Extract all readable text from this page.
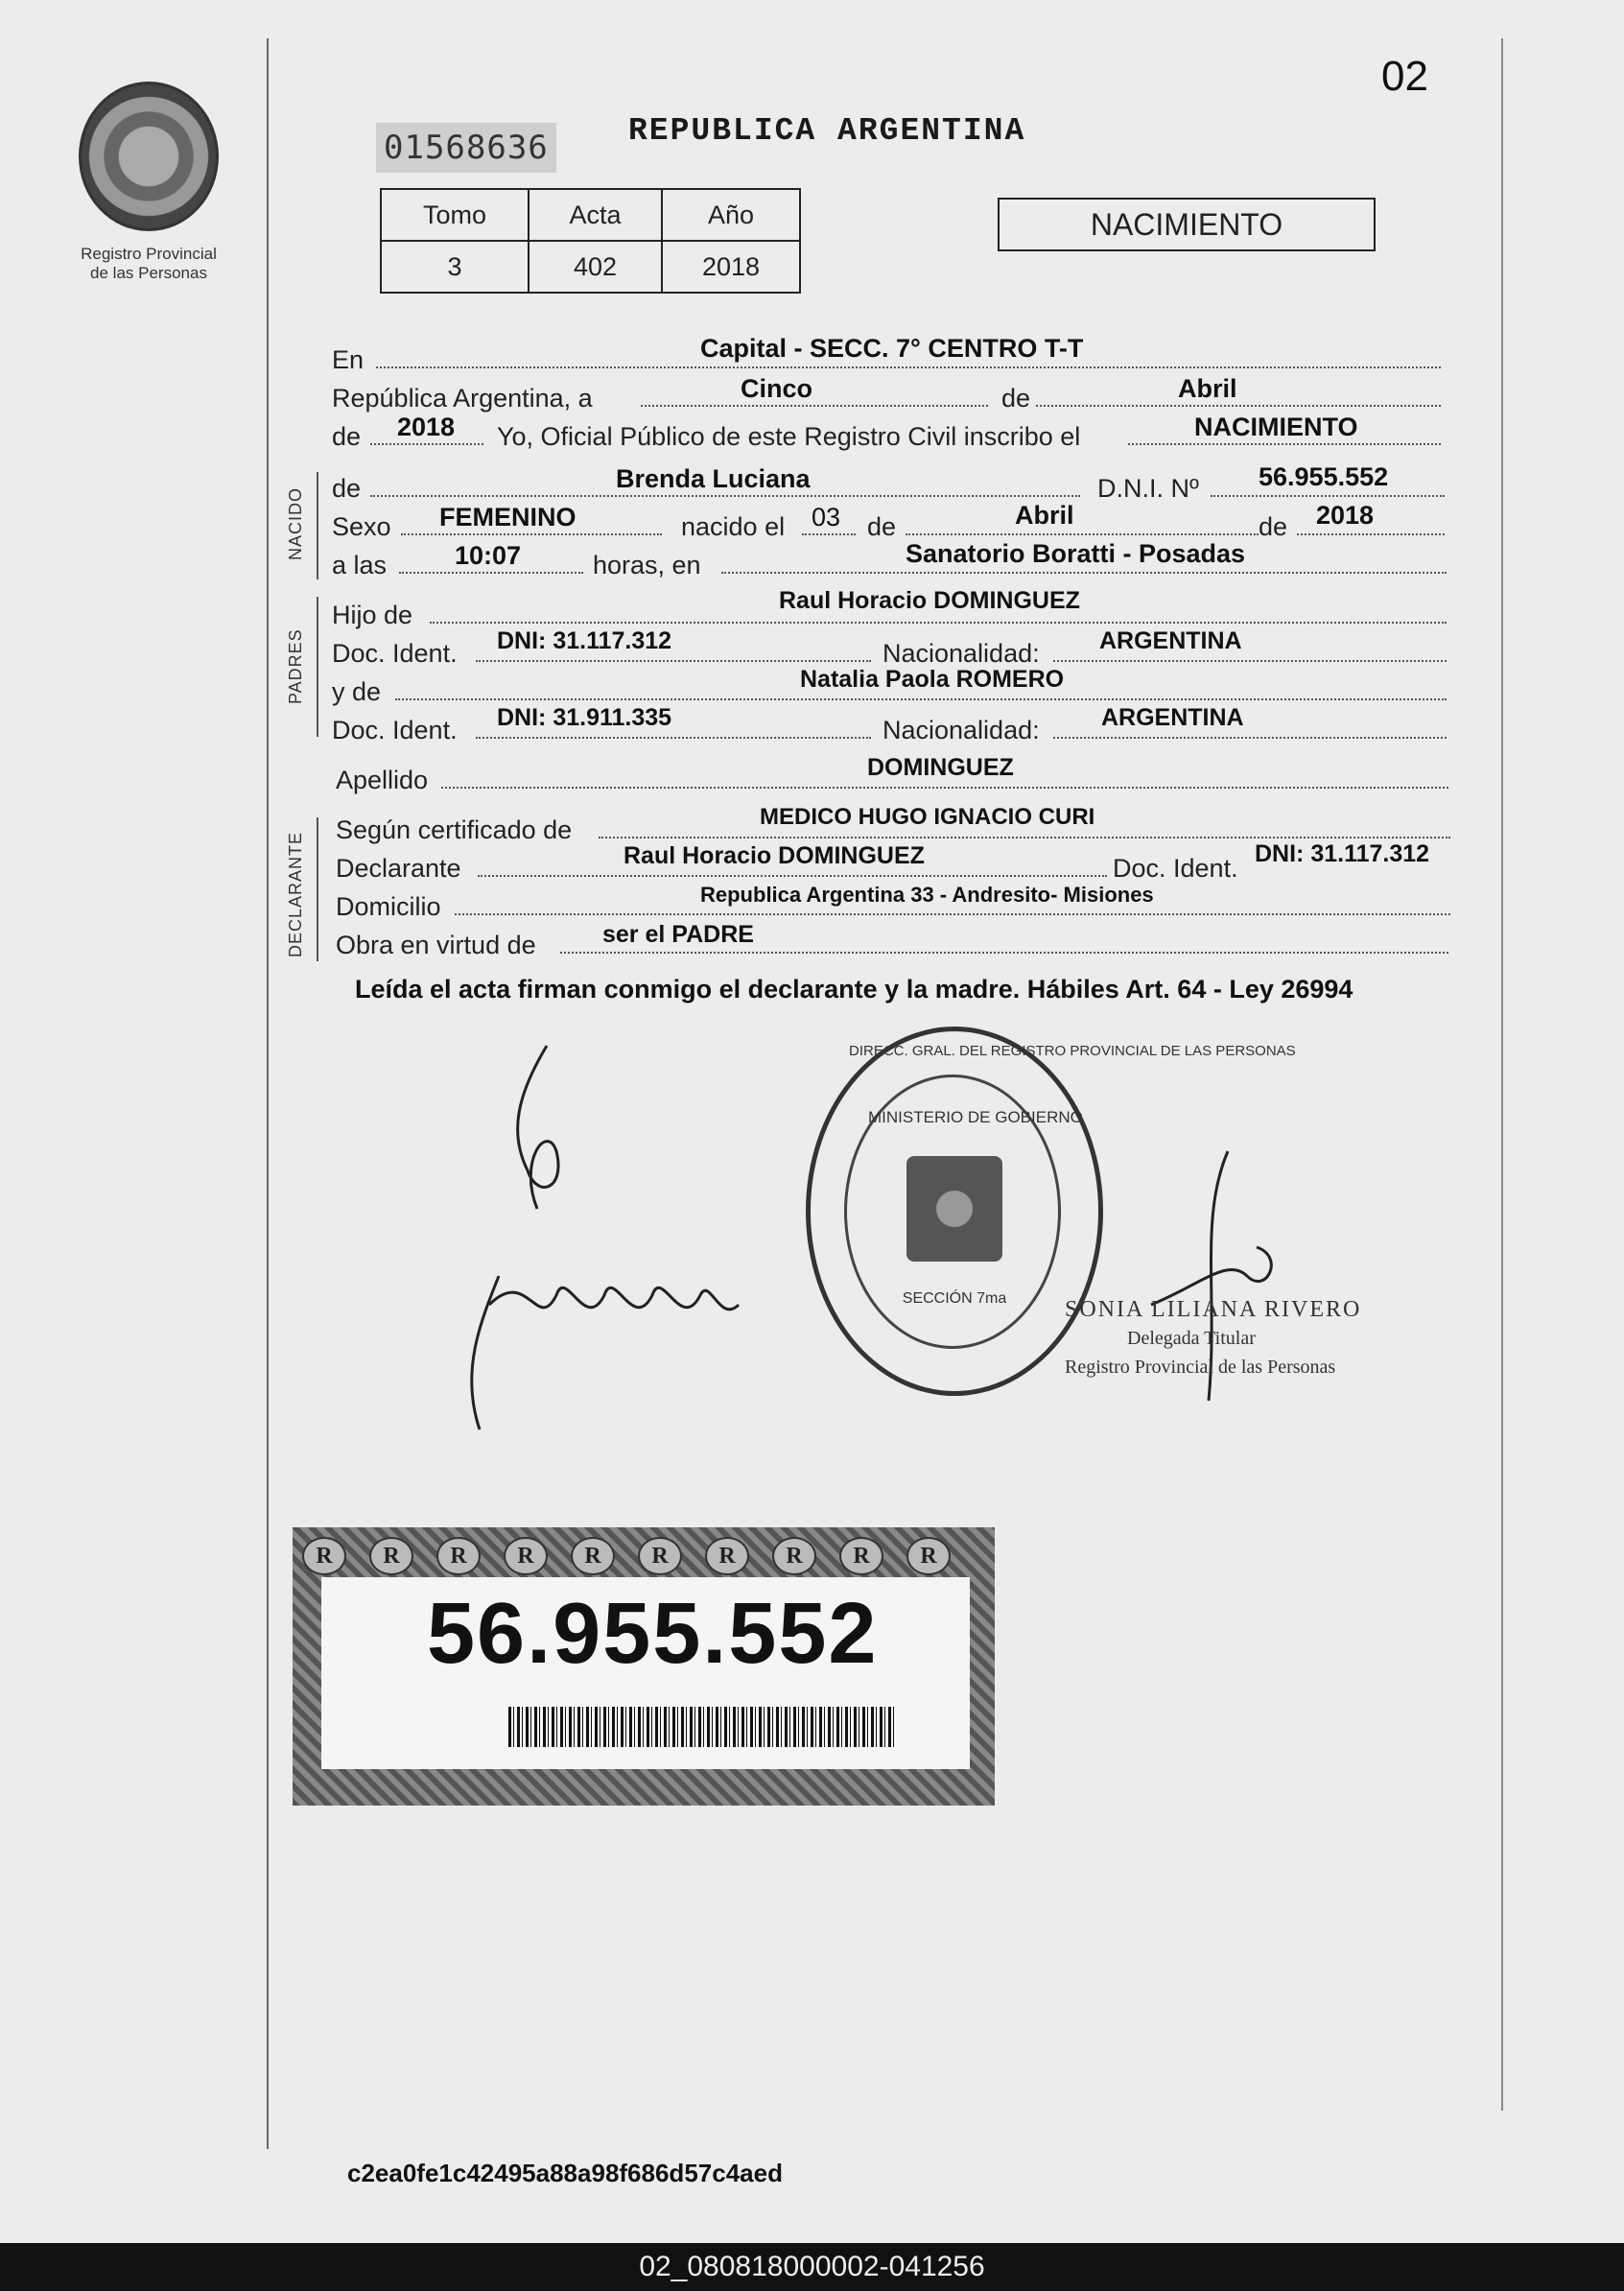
02
Registro Provincial
de las Personas
01568636	REPUBLICA ARGENTINA
Tomo	Acta	Año
3	402	2018
NACIMIENTO
En	Capital - SECC. 7° CENTRO T-T
República Argentina, a	Cinco	de	Abril
de 2018 Yo, Oficial Público de este Registro Civil inscribo el	NACIMIENTO
NACIDO de	Brenda Luciana	D.N.I. Nº 56.955.552
Sexo FEMENINO	nacido el 03 de	Abril	de 2018
a las	10:07	horas, en	Sanatorio Boratti - Posadas
PADRES
Hijo de	Raul Horacio DOMINGUEZ
Doc. Ident. DNI: 31.117.312	Nacionalidad: ARGENTINA
y de	Natalia Paola ROMERO
Doc. Ident. DNI: 31.911.335	Nacionalidad:	ARGENTINA
Apellido	DOMINGUEZ
DECLARANTE
Según certificado de	MEDICO HUGO IGNACIO CURI
Declarante	Raul Horacio DOMINGUEZ	Doc. Ident. DNI: 31.117.312
Domicilio	Republica Argentina 33 - Andresito- Misiones
Obra en virtud de	ser el PADRE
Leída el acta firman conmigo el declarante y la madre. Hábiles Art. 64 - Ley 26994
DIRECC. GRAL. DEL REGISTRO PROVINCIAL DE LAS PERSONAS
MINISTERIO DE GOBIERNO
SECCIÓN 7ma	SONIA LILIANA RIVERO
Delegada Titular
Registro Provincial de las Personas
R	R	R	R	R	R	R	R	R	R
56.955.552
c2ea0fe1c42495a88a98f686d57c4aed
02_080818000002-041256
